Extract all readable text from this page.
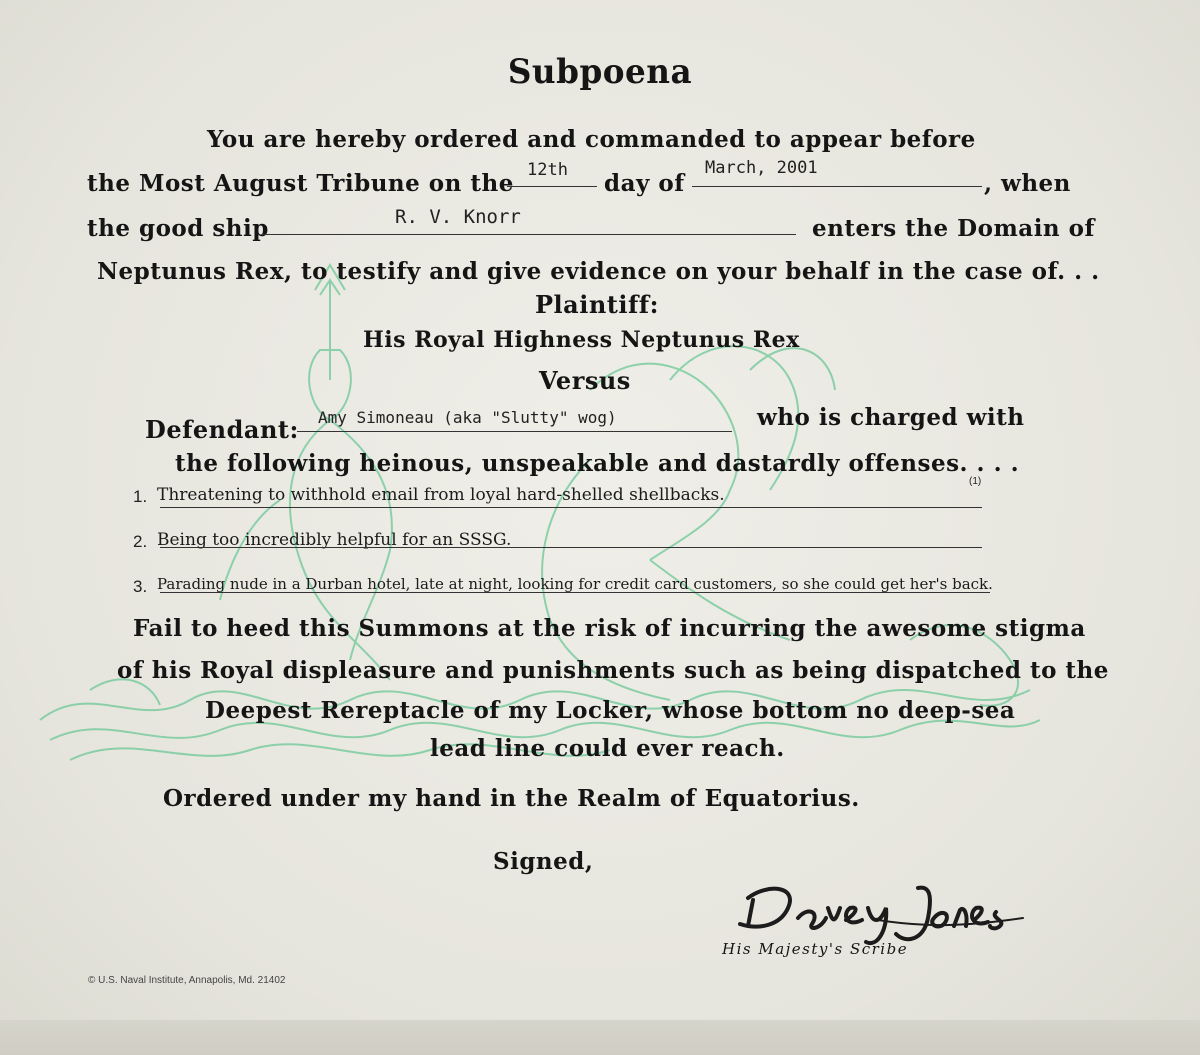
Subpoena
You are hereby ordered and commanded to appear before
the Most August Tribune on the 12th day of
March, 2001
, when
the good ship	R. V. Knorr	enters the Domain of
Neptunus Rex, to testify and give evidence on your behalf in the case of. . .
Plaintiff:
His Royal Highness Neptunus Rex
Versus
Defendant: Amy Simoneau (aka "Slutty" wog)	who is charged with
the following heinous, unspeakable and dastardly offenses. . . .
1. Threatening to withhold email from loyal hard-shelled shellbacks.
(1)
2. Being too incredibly helpful for an SSSG.
3. Parading nude in a Durban hotel, late at night, looking for credit card customers, so she could get her's back.
Fail to heed this Summons at the risk of incurring the awesome stigma
of his Royal displeasure and punishments such as being dispatched to the
Deepest Rereptacle of my Locker, whose bottom no deep-sea
lead line could ever reach.
Ordered under my hand in the Realm of Equatorius.
Signed,
His Majesty's Scribe
© U.S. Naval Institute, Annapolis, Md. 21402
